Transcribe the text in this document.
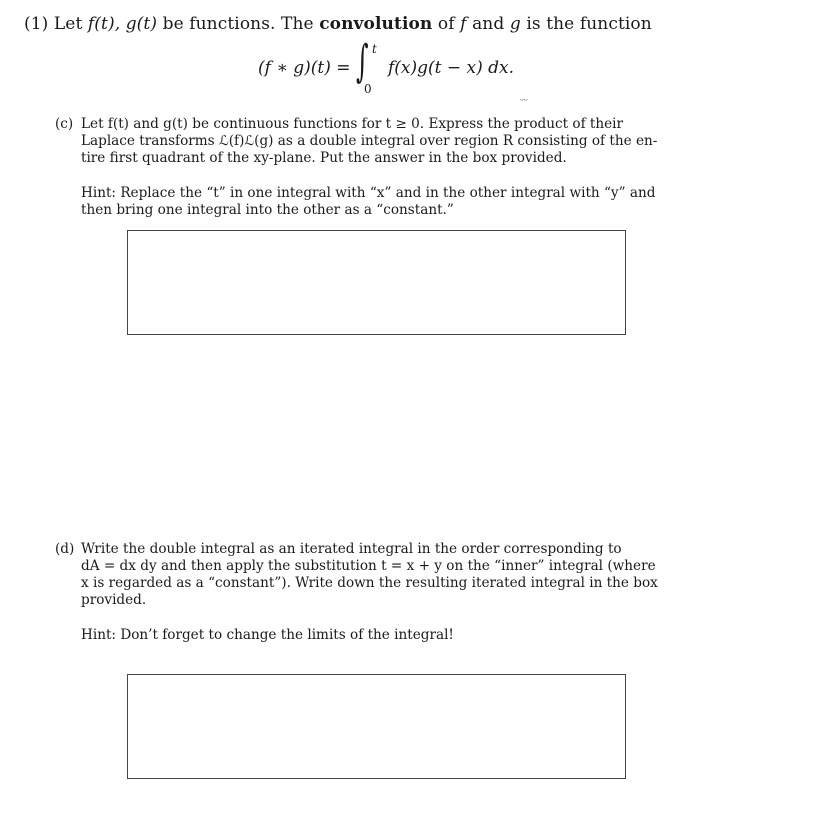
(1) Let f(t), g(t) be functions. The convolution of f and g is the function
(f ∗ g)(t) = ∫ t
0
f(x)g(t − x) dx.
ᵕᵕ
(c) Let f(t) and g(t) be continuous functions for t ≥ 0. Express the product of their
Laplace transforms ℒ(f)ℒ(g) as a double integral over region R consisting of the en-
tire first quadrant of the xy-plane. Put the answer in the box provided.
Hint: Replace the “t” in one integral with “x” and in the other integral with “y” and
then bring one integral into the other as a “constant.”
(d) Write the double integral as an iterated integral in the order corresponding to
dA = dx dy and then apply the substitution t = x + y on the “inner” integral (where
x is regarded as a “constant”). Write down the resulting iterated integral in the box
provided.
Hint: Don’t forget to change the limits of the integral!
